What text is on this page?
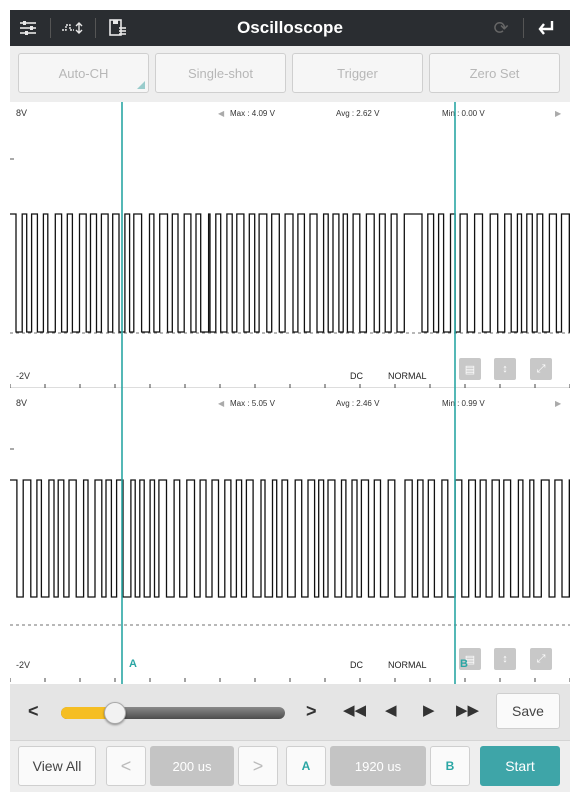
Oscilloscope	⟳
Auto-CH	Single-shot	Trigger	Zero Set
8V	◀ Max : 4.09 V	Avg : 2.62 V	Min : 0.00 V	▶
-2V	DC	NORMAL
▤	↕	⤢
8V	◀ Max : 5.05 V	Avg : 2.46 V	Min : 0.99 V	▶
-2V	A	DC	NORMAL	▤
B	↕	⤢
<	> ◀◀ ◀ ▶ ▶▶	Save
View All	<	200 us	>	A	1920 us	B	Start
